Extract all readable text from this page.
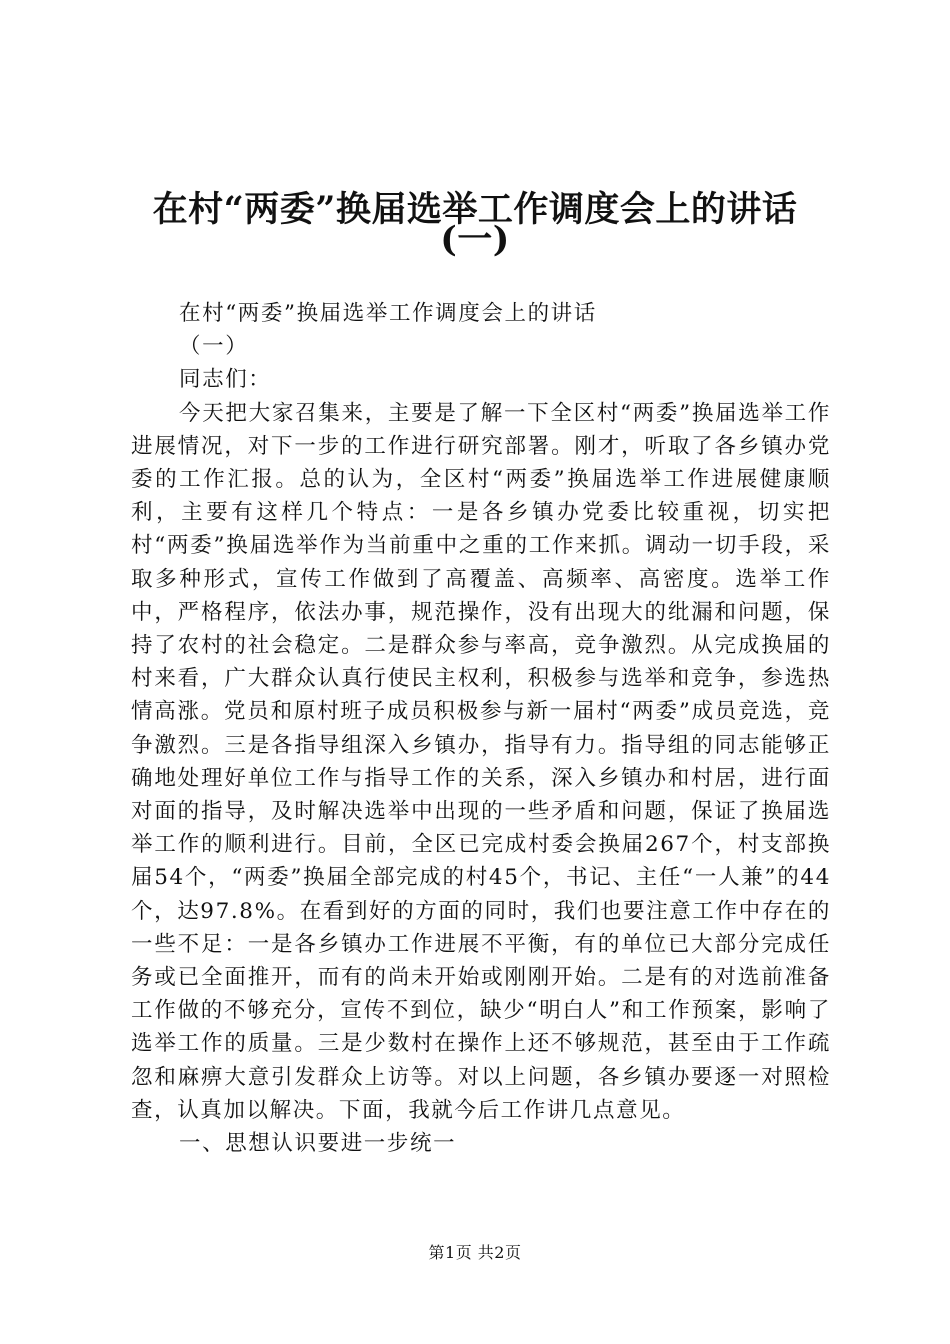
在村“两委”换届选举工作调度会上的讲话
(一)

在村“两委”换届选举工作调度会上的讲话

（一）

同志们：

今天把大家召集来，主要是了解一下全区村“两委”换届选举工作进展情况，对下一步的工作进行研究部署。刚才，听取了各乡镇办党委的工作汇报。总的认为，全区村“两委”换届选举工作进展健康顺利，主要有这样几个特点：一是各乡镇办党委比较重视，切实把村“两委”换届选举作为当前重中之重的工作来抓。调动一切手段，采取多种形式，宣传工作做到了高覆盖、高频率、高密度。选举工作中，严格程序，依法办事，规范操作，没有出现大的纰漏和问题，保持了农村的社会稳定。二是群众参与率高，竞争激烈。从完成换届的村来看，广大群众认真行使民主权利，积极参与选举和竞争，参选热情高涨。党员和原村班子成员积极参与新一届村“两委”成员竞选，竞争激烈。三是各指导组深入乡镇办，指导有力。指导组的同志能够正确地处理好单位工作与指导工作的关系，深入乡镇办和村居，进行面对面的指导，及时解决选举中出现的一些矛盾和问题，保证了换届选举工作的顺利进行。目前，全区已完成村委会换届267个，村支部换届54个，“两委”换届全部完成的村45个，书记、主任“一人兼”的44个，达97.8%。在看到好的方面的同时，我们也要注意工作中存在的一些不足：一是各乡镇办工作进展不平衡，有的单位已大部分完成任务或已全面推开，而有的尚未开始或刚刚开始。二是有的对选前准备工作做的不够充分，宣传不到位，缺少“明白人”和工作预案，影响了选举工作的质量。三是少数村在操作上还不够规范，甚至由于工作疏忽和麻痹大意引发群众上访等。对以上问题，各乡镇办要逐一对照检查，认真加以解决。下面，我就今后工作讲几点意见。

一、思想认识要进一步统一

第1页 共2页
